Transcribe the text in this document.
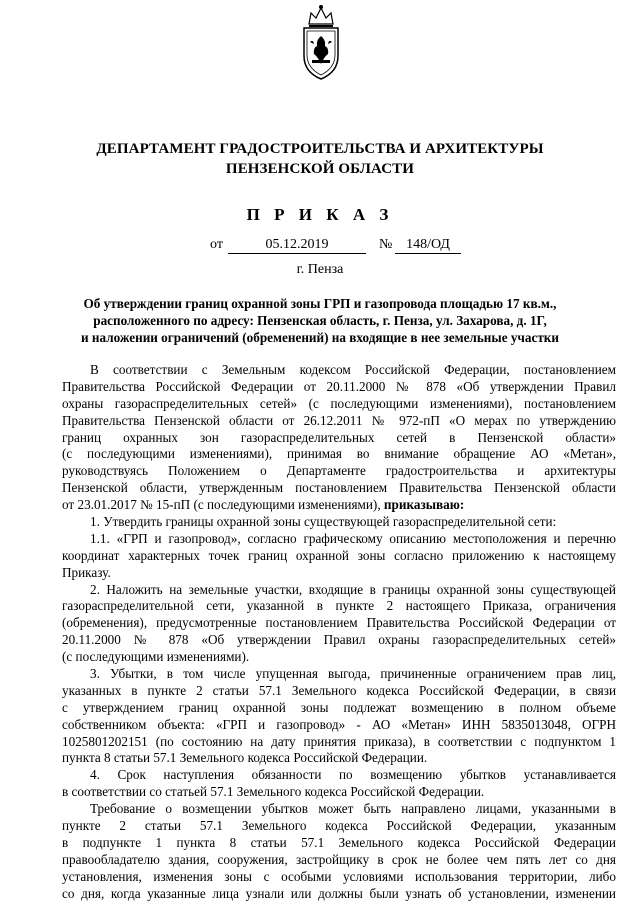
ДЕПАРТАМЕНТ ГРАДОСТРОИТЕЛЬСТВА И АРХИТЕКТУРЫ
ПЕНЗЕНСКОЙ ОБЛАСТИ
П Р И К А З
от	05.12.2019	№ 148/ОД
г. Пенза
Об утверждении границ охранной зоны ГРП и газопровода площадью 17 кв.м.,
расположенного по адресу: Пензенская область, г. Пенза, ул. Захарова, д. 1Г,
и наложении ограничений (обременений) на входящие в нее земельные участки
В соответствии с Земельным кодексом Российской Федерации, постановлением
Правительства Российской Федерации от 20.11.2000 № 878 «Об утверждении Правил
охраны газораспределительных сетей» (с последующими изменениями), постановлением
Правительства Пензенской области от 26.12.2011 № 972-пП «О мерах по утверждению
границ охранных зон газораспределительных сетей в Пензенской области»
(с последующими изменениями), принимая во внимание обращение АО «Метан»,
руководствуясь Положением о Департаменте градостроительства и архитектуры
Пензенской области, утвержденным постановлением Правительства Пензенской области
от 23.01.2017 № 15-пП (с последующими изменениями), приказываю:
1. Утвердить границы охранной зоны существующей газораспределительной сети:
1.1. «ГРП и газопровод», согласно графическому описанию местоположения и перечню
координат характерных точек границ охранной зоны согласно приложению к настоящему
Приказу.
2. Наложить на земельные участки, входящие в границы охранной зоны существующей
газораспределительной сети, указанной в пункте 2 настоящего Приказа, ограничения
(обременения), предусмотренные постановлением Правительства Российской Федерации от
20.11.2000 № 878 «Об утверждении Правил охраны газораспределительных сетей»
(с последующими изменениями).
3. Убытки, в том числе упущенная выгода, причиненные ограничением прав лиц,
указанных в пункте 2 статьи 57.1 Земельного кодекса Российской Федерации, в связи
с утверждением границ охранной зоны подлежат возмещению в полном объеме
собственником объекта: «ГРП и газопровод» - АО «Метан» ИНН 5835013048, ОГРН
1025801202151 (по состоянию на дату принятия приказа), в соответствии с подпунктом 1
пункта 8 статьи 57.1 Земельного кодекса Российской Федерации.
4. Срок наступления обязанности по возмещению убытков устанавливается
в соответствии со статьей 57.1 Земельного кодекса Российской Федерации.
Требование о возмещении убытков может быть направлено лицами, указанными в
пункте 2 статьи 57.1 Земельного кодекса Российской Федерации, указанным
в подпункте 1 пункта 8 статьи 57.1 Земельного кодекса Российской Федерации
правообладателю здания, сооружения, застройщику в срок не более чем пять лет со дня
установления, изменения зоны с особыми условиями использования территории, либо
со дня, когда указанные лица узнали или должны были узнать об установлении, изменении
